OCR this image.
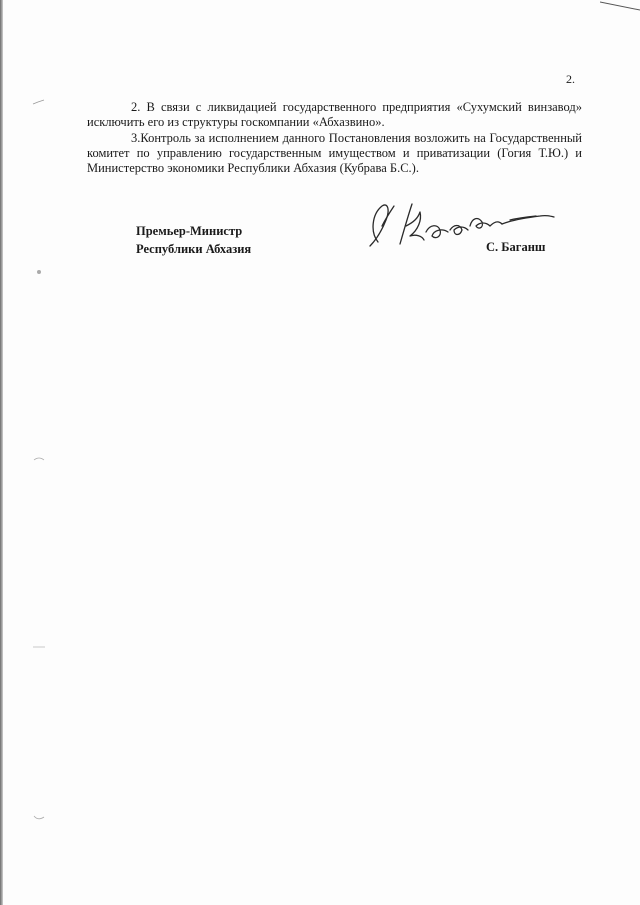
2.
2. В связи с ликвидацией государственного предприятия «Сухумский винзавод» исключить его из структуры госкомпании «Абхазвино».
3.Контроль за исполнением данного Постановления возложить на Государственный комитет по управлению государственным имуществом и приватизации (Гогия Т.Ю.) и Министерство экономики Республики Абхазия (Кубрава Б.С.).
Премьер-Министр
Республики Абхазия	С. Баганш
